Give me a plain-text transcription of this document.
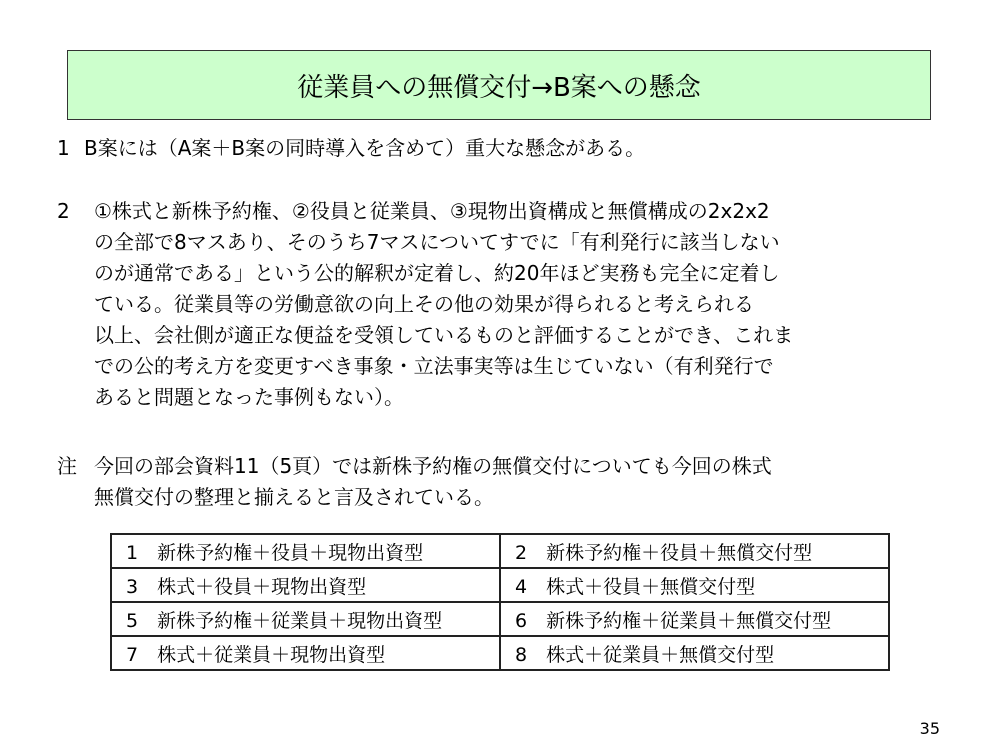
従業員への無償交付→B案への懸念
1 B案には（A案＋B案の同時導入を含めて）重大な懸念がある。
2 ①株式と新株予約権、②役員と従業員、③現物出資構成と無償構成の2x2x2
の全部で8マスあり、そのうち7マスについてすでに「有利発行に該当しない
のが通常である」という公的解釈が定着し、約20年ほど実務も完全に定着し
ている。従業員等の労働意欲の向上その他の効果が得られると考えられる
以上、会社側が適正な便益を受領しているものと評価することができ、これま
での公的考え方を変更すべき事象・立法事実等は生じていない（有利発行で
あると問題となった事例もない）。
注 今回の部会資料11（5頁）では新株予約権の無償交付についても今回の株式
無償交付の整理と揃えると言及されている。
1　新株予約権＋役員＋現物出資型	2　新株予約権＋役員＋無償交付型
3　株式＋役員＋現物出資型	4　株式＋役員＋無償交付型
5　新株予約権＋従業員＋現物出資型	6　新株予約権＋従業員＋無償交付型
7　株式＋従業員＋現物出資型	8　株式＋従業員＋無償交付型
35
